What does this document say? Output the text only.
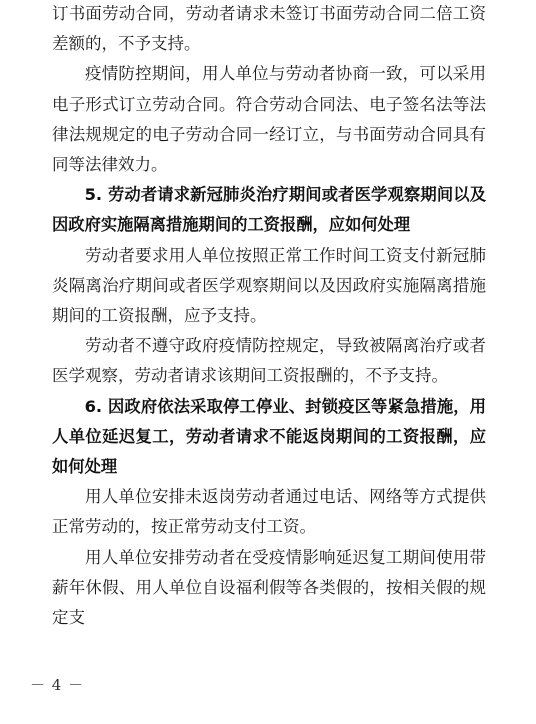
订书面劳动合同，劳动者请求未签订书面劳动合同二倍工资差额的，不予支持。

疫情防控期间，用人单位与劳动者协商一致，可以采用电子形式订立劳动合同。符合劳动合同法、电子签名法等法律法规规定的电子劳动合同一经订立，与书面劳动合同具有同等法律效力。

5. 劳动者请求新冠肺炎治疗期间或者医学观察期间以及因政府实施隔离措施期间的工资报酬，应如何处理

劳动者要求用人单位按照正常工作时间工资支付新冠肺炎隔离治疗期间或者医学观察期间以及因政府实施隔离措施期间的工资报酬，应予支持。

劳动者不遵守政府疫情防控规定，导致被隔离治疗或者医学观察，劳动者请求该期间工资报酬的，不予支持。

6. 因政府依法采取停工停业、封锁疫区等紧急措施，用人单位延迟复工，劳动者请求不能返岗期间的工资报酬，应如何处理

用人单位安排未返岗劳动者通过电话、网络等方式提供正常劳动的，按正常劳动支付工资。

用人单位安排劳动者在受疫情影响延迟复工期间使用带薪年休假、用人单位自设福利假等各类假的，按相关假的规定支

－ 4 －
